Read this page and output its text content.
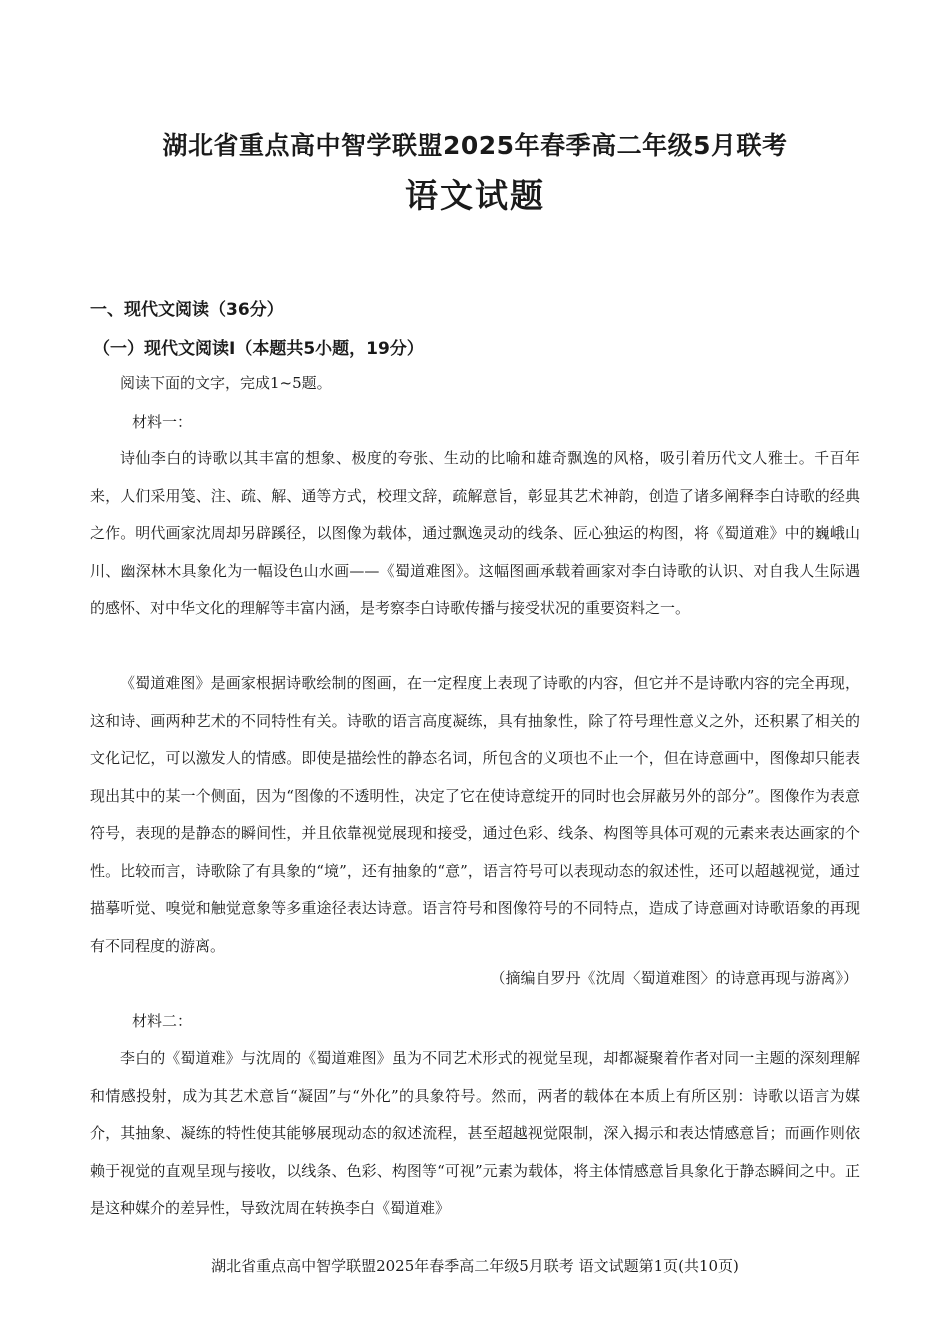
湖北省重点高中智学联盟2025年春季高二年级5月联考
语文试题
一、现代文阅读（36分）
（一）现代文阅读Ⅰ（本题共5小题，19分）
阅读下面的文字，完成1~5题。
材料一：

诗仙李白的诗歌以其丰富的想象、极度的夸张、生动的比喻和雄奇飘逸的风格，吸引着历代文人雅士。千百年来，人们采用笺、注、疏、解、通等方式，校理文辞，疏解意旨，彰显其艺术神韵，创造了诸多阐释李白诗歌的经典之作。明代画家沈周却另辟蹊径，以图像为载体，通过飘逸灵动的线条、匠心独运的构图，将《蜀道难》中的巍峨山川、幽深林木具象化为一幅设色山水画——《蜀道难图》。这幅图画承载着画家对李白诗歌的认识、对自我人生际遇的感怀、对中华文化的理解等丰富内涵，是考察李白诗歌传播与接受状况的重要资料之一。

《蜀道难图》是画家根据诗歌绘制的图画，在一定程度上表现了诗歌的内容，但它并不是诗歌内容的完全再现，这和诗、画两种艺术的不同特性有关。诗歌的语言高度凝练，具有抽象性，除了符号理性意义之外，还积累了相关的文化记忆，可以激发人的情感。即使是描绘性的静态名词，所包含的义项也不止一个，但在诗意画中，图像却只能表现出其中的某一个侧面，因为“图像的不透明性，决定了它在使诗意绽开的同时也会屏蔽另外的部分”。图像作为表意符号，表现的是静态的瞬间性，并且依靠视觉展现和接受，通过色彩、线条、构图等具体可观的元素来表达画家的个性。比较而言，诗歌除了有具象的“境”，还有抽象的“意”，语言符号可以表现动态的叙述性，还可以超越视觉，通过描摹听觉、嗅觉和触觉意象等多重途径表达诗意。语言符号和图像符号的不同特点，造成了诗意画对诗歌语象的再现有不同程度的游离。

（摘编自罗丹《沈周〈蜀道难图〉的诗意再现与游离》）
材料二：

李白的《蜀道难》与沈周的《蜀道难图》虽为不同艺术形式的视觉呈现，却都凝聚着作者对同一主题的深刻理解和情感投射，成为其艺术意旨“凝固”与“外化”的具象符号。然而，两者的载体在本质上有所区别：诗歌以语言为媒介，其抽象、凝练的特性使其能够展现动态的叙述流程，甚至超越视觉限制，深入揭示和表达情感意旨；而画作则依赖于视觉的直观呈现与接收，以线条、色彩、构图等“可视”元素为载体，将主体情感意旨具象化于静态瞬间之中。正是这种媒介的差异性，导致沈周在转换李白《蜀道难》

湖北省重点高中智学联盟2025年春季高二年级5月联考 语文试题第1页(共10页)
